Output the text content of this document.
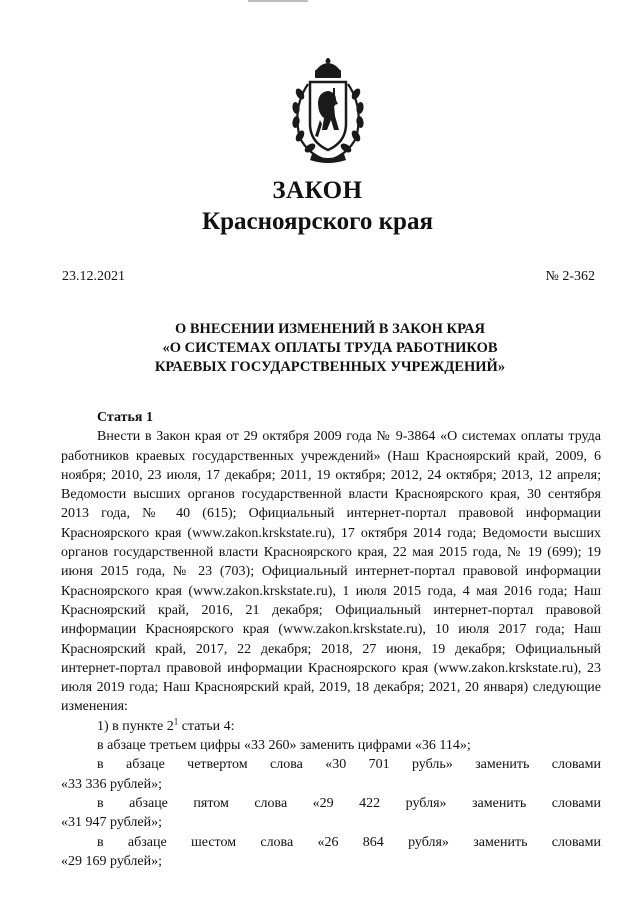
ЗАКОН
Красноярского края
23.12.2021	№ 2-362
О ВНЕСЕНИИ ИЗМЕНЕНИЙ В ЗАКОН КРАЯ
«О СИСТЕМАХ ОПЛАТЫ ТРУДА РАБОТНИКОВ
КРАЕВЫХ ГОСУДАРСТВЕННЫХ УЧРЕЖДЕНИЙ»
Статья 1
Внести в Закон края от 29 октября 2009 года № 9-3864 «О системах оплаты труда работников краевых государственных учреждений» (Наш Красноярский край, 2009, 6 ноября; 2010, 23 июля, 17 декабря; 2011, 19 октября; 2012, 24 октября; 2013, 12 апреля; Ведомости высших органов государственной власти Красноярского края, 30 сентября 2013 года, № 40 (615); Официальный интернет-портал правовой информации Красноярского края (www.zakon.krskstate.ru), 17 октября 2014 года; Ведомости высших органов государственной власти Красноярского края, 22 мая 2015 года, № 19 (699); 19 июня 2015 года, № 23 (703); Официальный интернет-портал правовой информации Красноярского края (www.zakon.krskstate.ru), 1 июля 2015 года, 4 мая 2016 года; Наш Красноярский край, 2016, 21 декабря; Официальный интернет-портал правовой информации Красноярского края (www.zakon.krskstate.ru), 10 июля 2017 года; Наш Красноярский край, 2017, 22 декабря; 2018, 27 июня, 19 декабря; Официальный интернет-портал правовой информации Красноярского края (www.zakon.krskstate.ru), 23 июля 2019 года; Наш Красноярский край, 2019, 18 декабря; 2021, 20 января) следующие изменения:
1) в пункте $2^1$ статьи 4:
в абзаце третьем цифры «33 260» заменить цифрами «36 114»;
в абзаце четвертом слова «30 701 рубль» заменить словами
«33 336 рублей»;
в абзаце пятом слова «29 422 рубля» заменить словами
«31 947 рублей»;
в абзаце шестом слова «26 864 рубля» заменить словами
«29 169 рублей»;
